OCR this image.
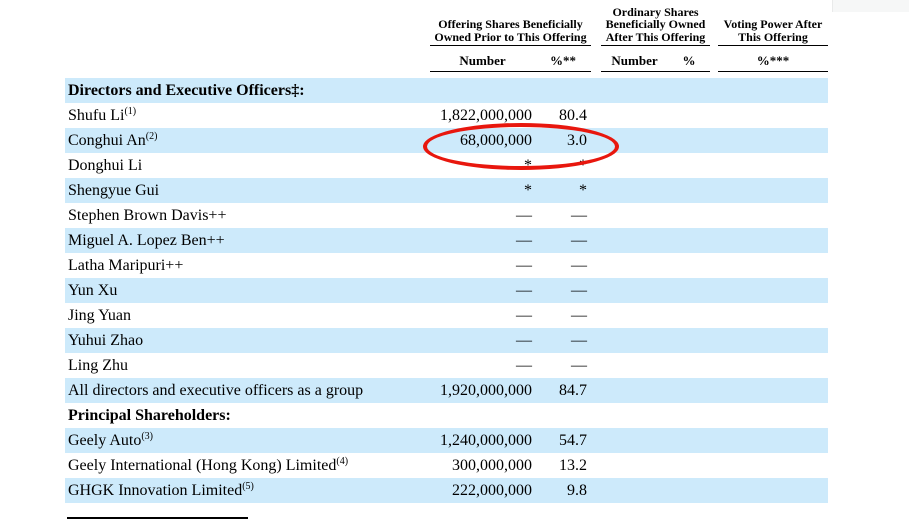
Offering Shares Beneficially Owned Prior to This Offering
Ordinary Shares Beneficially Owned After This Offering
Voting Power After This Offering
Number	%**	Number	%	%***
Directors and Executive Officers‡:
Shufu Li$^{(1)}$	1,822,000,000	80.4
Conghui An$^{(2)}$	68,000,000	3.0
Donghui Li	*	*
Shengyue Gui	*	*
Stephen Brown Davis++	—	—
Miguel A. Lopez Ben++	—	—
Latha Maripuri++	—	—
Yun Xu	—	—
Jing Yuan	—	—
Yuhui Zhao	—	—
Ling Zhu	—	—
All directors and executive officers as a group	1,920,000,000	84.7
Principal Shareholders:
Geely Auto$^{(3)}$	1,240,000,000	54.7
Geely International (Hong Kong) Limited$^{(4)}$	300,000,000	13.2
GHGK Innovation Limited$^{(5)}$	222,000,000	9.8
